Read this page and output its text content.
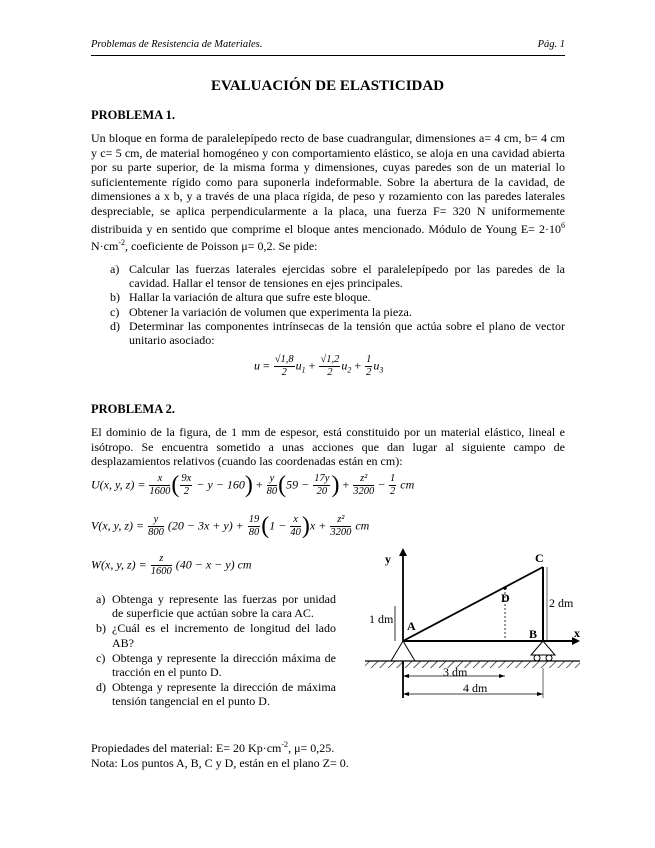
Problemas de Resistencia de Materiales.	Pág. 1
EVALUACIÓN DE ELASTICIDAD
PROBLEMA 1.
Un bloque en forma de paralelepípedo recto de base cuadrangular, dimensiones a= 4 cm, b= 4 cm y c= 5 cm, de material homogéneo y con comportamiento elástico, se aloja en una cavidad abierta por su parte superior, de la misma forma y dimensiones, cuyas paredes son de un material lo suficientemente rígido como para suponerla indeformable. Sobre la abertura de la cavidad, de dimensiones a x b, y a través de una placa rígida, de peso y rozamiento con las paredes laterales despreciable, se aplica perpendicularmente a la placa, una fuerza F= 320 N uniformemente distribuida y en sentido que comprime el bloque antes mencionado. Módulo de Young $E= 2\cdot 10^6$ $N\cdot cm^{-2}$, coeficiente de Poisson μ= 0,2. Se pide:
a) Calcular las fuerzas laterales ejercidas sobre el paralelepípedo por las paredes de la cavidad. Hallar el tensor de tensiones en ejes principales.
b) Hallar la variación de altura que sufre este bloque.
c) Obtener la variación de volumen que experimenta la pieza.
d) Determinar las componentes intrínsecas de la tensión que actúa sobre el plano de vector unitario asociado:
$u = \frac{√1,8}{2} u_1 + \frac{√1,2}{2} u_2 + \frac{1}{2} u_3$
PROBLEMA 2.
El dominio de la figura, de 1 mm de espesor, está constituido por un material elástico, lineal e isótropo. Se encuentra sometido a unas acciones que dan lugar al siguiente campo de desplazamientos relativos (cuando las coordenadas están en cm):
U(x, y, $z) = \frac{x}{1600}$ ( $\frac{9x}{2} - y - 160) + \frac{y}{80} (59 - \frac{17y}{20}$ ) + $\frac{\text{z²}}{3200} - \frac{1}{2}$ cm
V(x, y, $z) = \frac{y}{800} (20 - 3x + y) + \frac{19}{80} (1 - \frac{x}{40} )x + \frac{\text{z²}}{3200}$ cm
W(x, y, $z) = \frac{z}{1600} (40 - x - y)$ cm
a) Obtenga y represente las fuerzas por unidad de superficie que actúan sobre la cara AC.
b) ¿Cuál es el incremento de longitud del lado AB?
c) Obtenga y represente la dirección máxima de tracción en el punto D.
d) Obtenga y represente la dirección de máxima tensión tangencial en el punto D.
y
x
C
D
A
B
1 dm
2 dm
3 dm
4 dm
Propiedades del material: E= 20 $Kp\cdot cm^{-2}$, μ= 0,25.
Nota: Los puntos A, B, C y D, están en el plano Z= 0.
